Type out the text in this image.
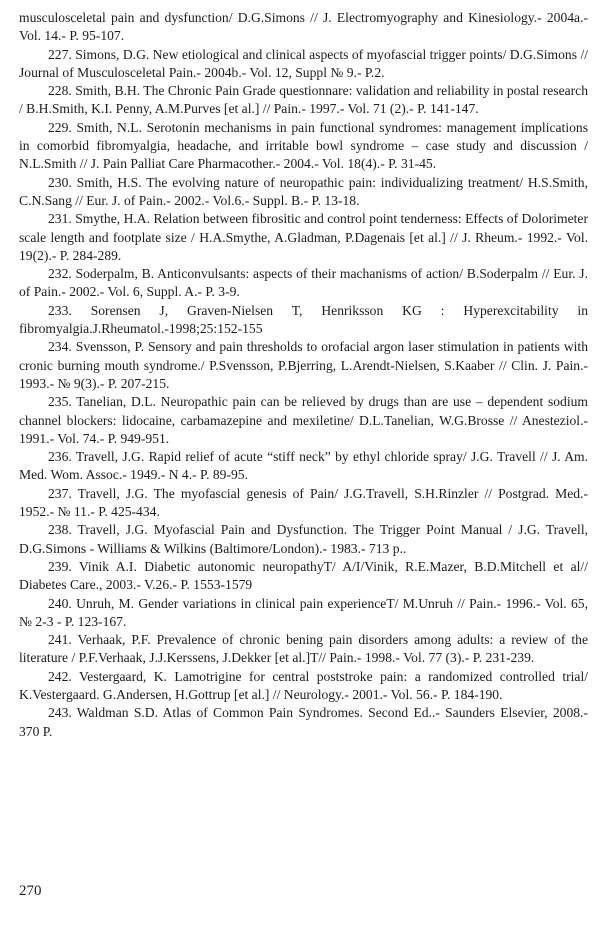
musculosceletal pain and dysfunction/ D.G.Simons // J. Electromyography and Kinesiology.- 2004a.- Vol. 14.- P. 95-107.

227. Simons, D.G. New etiological and clinical aspects of myofascial trigger points/ D.G.Simons // Journal of Musculosceletal Pain.- 2004b.- Vol. 12, Suppl № 9.- P.2.

228. Smith, B.H. The Chronic Pain Grade questionnare: validation and reliability in postal research / B.H.Smith, K.I. Penny, A.M.Purves [et al.] // Pain.- 1997.- Vol. 71 (2).- P. 141-147.

229. Smith, N.L. Serotonin mechanisms in pain functional syndromes: management implications in comorbid fibromyalgia, headache, and irritable bowl syndrome – case study and discussion / N.L.Smith // J. Pain Palliat Care Pharmacother.- 2004.- Vol. 18(4).- P. 31-45.

230. Smith, H.S. The evolving nature of neuropathic pain: individualizing treatment/ H.S.Smith, C.N.Sang // Eur. J. of Pain.- 2002.- Vol.6.- Suppl. B.- P. 13-18.

231. Smythe, H.A. Relation between fibrositic and control point tenderness: Effects of Dolorimeter scale length and footplate size / H.A.Smythe, A.Gladman, P.Dagenais [et al.] // J. Rheum.- 1992.- Vol. 19(2).- P. 284-289.

232. Soderpalm, B. Anticonvulsants: aspects of their machanisms of action/ B.Soderpalm // Eur. J. of Pain.- 2002.- Vol. 6, Suppl. A.- P. 3-9.

233. Sorensen J, Graven-Nielsen T, Henriksson KG : Hyperexcitability in fibromyalgia.J.Rheumatol.-1998;25:152-155

234. Svensson, P. Sensory and pain thresholds to orofacial argon laser stimulation in patients with cronic burning mouth syndrome./ P.Svensson, P.Bjerring, L.Arendt-Nielsen, S.Kaaber // Clin. J. Pain.- 1993.- № 9(3).- P. 207-215.

235. Tanelian, D.L. Neuropathic pain can be relieved by drugs than are use – dependent sodium channel blockers: lidocaine, carbamazepine and mexiletine/ D.L.Tanelian, W.G.Brosse // Anesteziol.- 1991.- Vol. 74.- P. 949-951.

236. Travell, J.G. Rapid relief of acute “stiff neck” by ethyl chloride spray/ J.G. Travell // J. Am. Med. Wom. Assoc.- 1949.- N 4.- P. 89-95.

237. Travell, J.G. The myofascial genesis of Pain/ J.G.Travell, S.H.Rinzler // Postgrad. Med.- 1952.- № 11.- P. 425-434.

238. Travell, J.G. Myofascial Pain and Dysfunction. The Trigger Point Manual / J.G. Travell, D.G.Simons - Williams & Wilkins (Baltimore/London).- 1983.- 713 p..

239. Vinik A.I. Diabetic autonomic neuropathyT/ A/I/Vinik, R.E.Mazer, B.D.Mitchell et al// Diabetes Care., 2003.- V.26.- P. 1553-1579

240. Unruh, M. Gender variations in clinical pain experienceT/ M.Unruh // Pain.- 1996.- Vol. 65, № 2-3 - P. 123-167.

241. Verhaak, P.F. Prevalence of chronic bening pain disorders among adults: a review of the literature / P.F.Verhaak, J.J.Kerssens, J.Dekker [et al.]T// Pain.- 1998.- Vol. 77 (3).- P. 231-239.

242. Vestergaard, K. Lamotrigine for central poststroke pain: a randomized controlled trial/ K.Vestergaard. G.Andersen, H.Gottrup [et al.] // Neurology.- 2001.- Vol. 56.- P. 184-190.

243. Waldman S.D. Atlas of Common Pain Syndromes. Second Ed..- Saunders Elsevier, 2008.- 370 P.

270
